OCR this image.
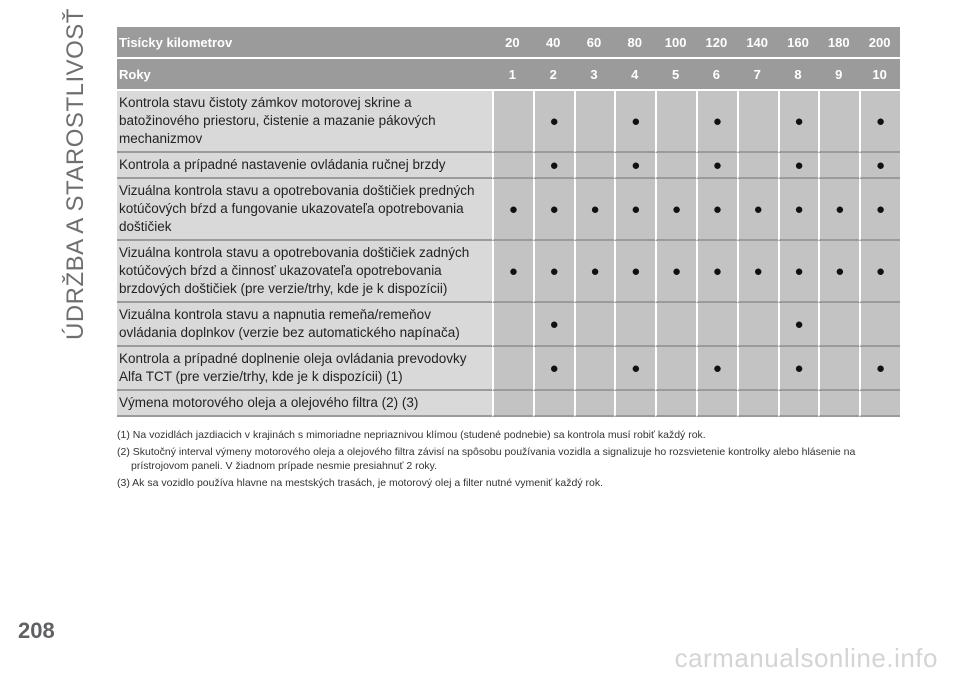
ÚDRŽBA A STAROSTLIVOSŤ Tisícky kilometrov	20	40	60	80	100	120	140	160	180	200
Roky	1	2	3	4	5	6	7	8	9	10
Kontrola stavu čistoty zámkov motorovej skrine a batožinového priestoru, čistenie a mazanie pákových mechanizmov		●		●		●		●		●
Kontrola a prípadné nastavenie ovládania ručnej brzdy		●		●		●		●		●
Vizuálna kontrola stavu a opotrebovania doštičiek predných kotúčových bŕzd a fungovanie ukazovateľa opotrebovania doštičiek	●	●	●	●	●	●	●	●	●	●
Vizuálna kontrola stavu a opotrebovania doštičiek zadných kotúčových bŕzd a činnosť ukazovateľa opotrebovania brzdových doštičiek (pre verzie/trhy, kde je k dispozícii)	●	●	●	●	●	●	●	●	●	●
Vizuálna kontrola stavu a napnutia remeňa/remeňov ovládania doplnkov (verzie bez automatického napínača)		●						●		
Kontrola a prípadné doplnenie oleja ovládania prevodovky Alfa TCT (pre verzie/trhy, kde je k dispozícii) (1)		●		●		●		●		●
Výmena motorového oleja a olejového filtra (2) (3)										

(1) Na vozidlách jazdiacich v krajinách s mimoriadne nepriaznivou klímou (studené podnebie) sa kontrola musí robiť každý rok.

(2) Skutočný interval výmeny motorového oleja a olejového filtra závisí na spôsobu používania vozidla a signalizuje ho rozsvietenie kontrolky alebo hlásenie na prístrojovom paneli. V žiadnom prípade nesmie presiahnuť 2 roky.

(3) Ak sa vozidlo používa hlavne na mestských trasách, je motorový olej a filter nutné vymeniť každý rok.

208
carmanualsonline.info
